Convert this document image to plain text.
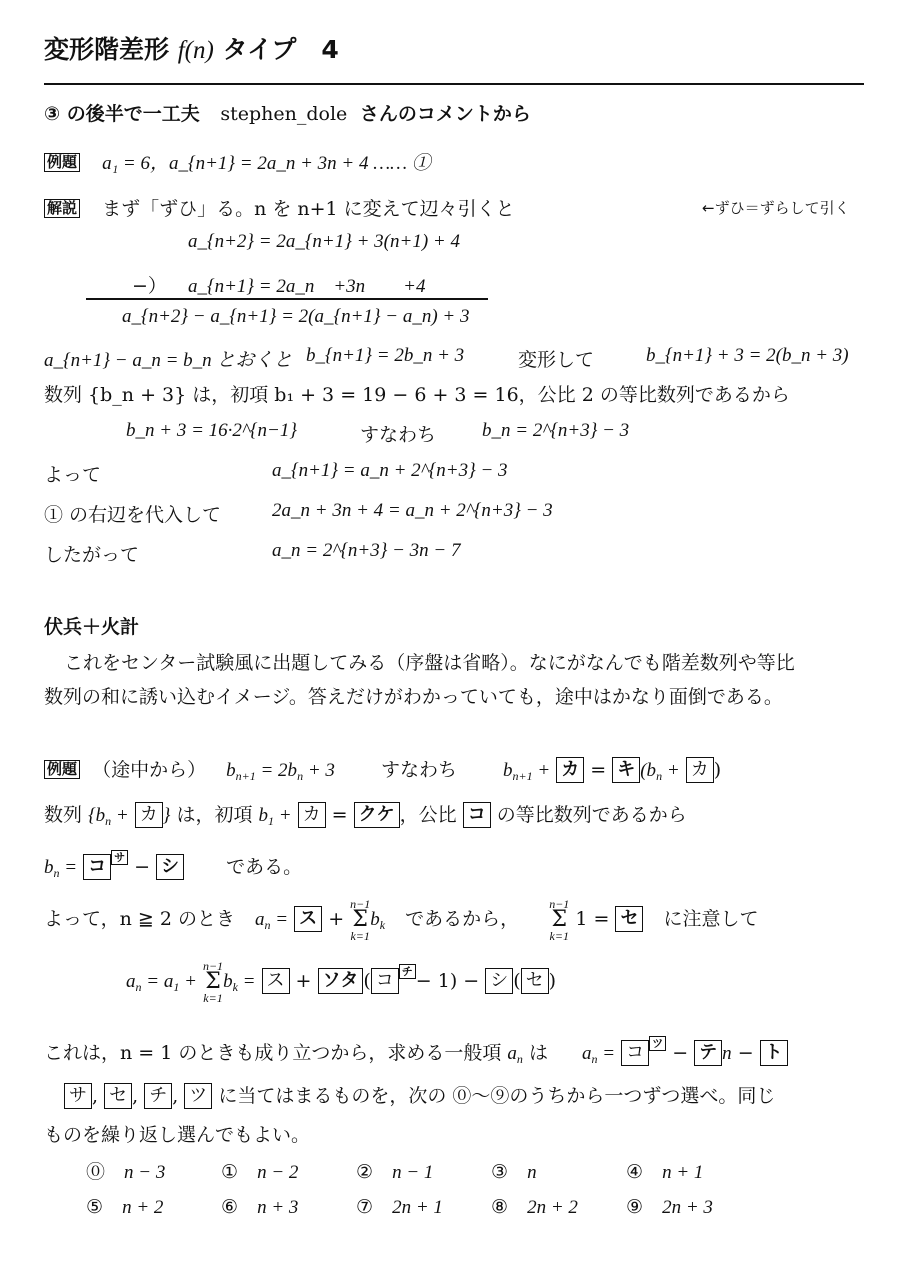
変形階差形 f(n) タイプ　4
③ の後半で一工夫 stephen_dole さんのコメントから
例題 a₁ = 6，a_{n+1} = 2a_n + 3n + 4 …… ①
解説 まず「ずひ」る。n を n+1 に変えて辺々引くと	←ずひ＝ずらして引く
a_{n+2} = 2a_{n+1} + 3(n+1) + 4
−） a_{n+1} = 2a_n　+3n　　+4
a_{n+2} − a_{n+1} = 2(a_{n+1} − a_n) + 3
a_{n+1} − a_n = b_n とおくと b_{n+1} = 2b_n + 3	変形して	b_{n+1} + 3 = 2(b_n + 3)
数列 {b_n + 3} は，初項 b₁ + 3 = 19 − 6 + 3 = 16，公比 2 の等比数列であるから
b_n + 3 = 16·2^{n−1}	すなわち b_n = 2^{n+3} − 3
よって	a_{n+1} = a_n + 2^{n+3} − 3
① の右辺を代入して	2a_n + 3n + 4 = a_n + 2^{n+3} − 3
したがって	a_n = 2^{n+3} − 3n − 7
伏兵＋火計
これをセンター試験風に出題してみる（序盤は省略）。なにがなんでも階差数列や等比
数列の和に誘い込むイメージ。答えだけがわかっていても，途中はかなり面倒である。
例題 （途中から） $b_{n+1} = 2b_n + 3$ すなわち $b_{n+1}$ + カ = キ ($b_n$ + カ )
数列 {$b_n$ + カ } は，初項 $b_1$ + カ = クケ ，公比 コ の等比数列であるから
$b_n$ = コ サ − シ である。
よって，n ≧ 2 のとき $a_n$ = ス + n−1
Σ
$k=1b_k$ であるから， n−1
Σ
k=1 1 = セ に注意して
$a_n = a_1 + n-1$
Σ
$k=1b_k$ = ス + ソタ ( コ チ − 1) − シ ( セ )
これは，n = 1 のときも成り立つから，求める一般項 $a_n$ は $a_n$ = コ ツ − テ n − ト
サ , セ , チ , ツ に当てはまるものを，次の ⓪～⑨のうちから一つずつ選べ。同じ
ものを繰り返し選んでもよい。
⓪　 n − 3	①　 n − 2	②　 n − 1	③　 n	④　 n + 1
⑤　 n + 2	⑥　 n + 3	⑦　 2n + 1	⑧　 2n + 2	⑨　 2n + 3
